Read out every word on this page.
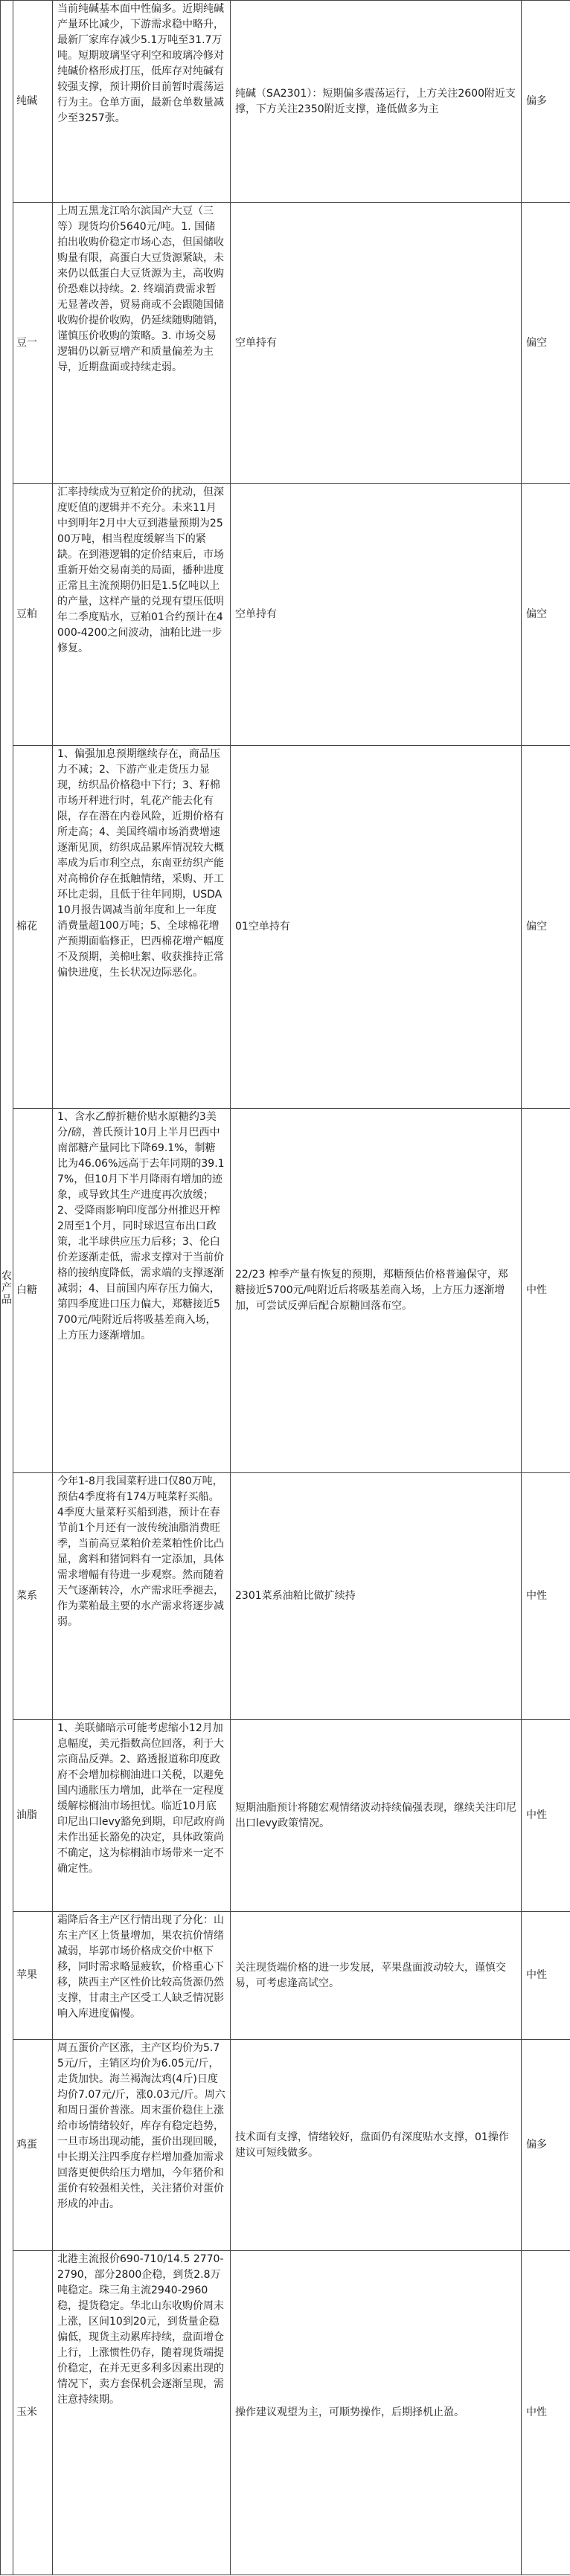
农产品	纯碱	当前纯碱基本面中性偏多。近期纯碱产量环比减少，下游需求稳中略升，最新厂家库存减少5.1万吨至31.7万吨。短期玻璃坚守利空和玻璃冷修对纯碱价格形成打压，低库存对纯碱有较强支撑，预计期价目前暂时震荡运行为主。仓单方面，最新仓单数量减少至3257张。	纯碱（SA2301）：短期偏多震荡运行，上方关注2600附近支撑，下方关注2350附近支撑，逢低做多为主	偏多
	豆一	上周五黑龙江哈尔滨国产大豆（三等）现货均价5640元/吨。1. 国储拍出收购价稳定市场心态，但国储收购量有限，高蛋白大豆货源紧缺，未来仍以低蛋白大豆货源为主，高收购价恐难以持续。2. 终端消费需求暂无显著改善，贸易商或不会跟随国储收购价提价收购，仍延续随购随销，谨慎压价收购的策略。3. 市场交易逻辑仍以新豆增产和质量偏差为主导，近期盘面或持续走弱。	空单持有	偏空
	豆粕	汇率持续成为豆粕定价的扰动，但深度贬值的逻辑并不充分。未来11月中到明年2月中大豆到港量预期为2500万吨，相当程度缓解当下的紧缺。在到港逻辑的定价结束后，市场重新开始交易南美的局面，播种进度正常且主流预期仍旧是1.5亿吨以上的产量，这样产量的兑现有望压低明年二季度贴水，豆粕01合约预计在4000-4200之间波动，油粕比进一步修复。	空单持有	偏空
	棉花	1、偏强加息预期继续存在，商品压力不减；2、下游产业走货压力显现，纺织品价格稳中下行；3、籽棉市场开秤进行时，轧花产能去化有限，存在潜在内卷风险，近期价格有所走高；4、美国终端市场消费增速逐渐见顶，纺织成品累库情况较大概率成为后市利空点，东南亚纺织产能对高棉价存在抵触情绪，采购、开工环比走弱，且低于往年同期，USDA10月报告调减当前年度和上一年度消费量超100万吨；5、全球棉花增产预期面临修正，巴西棉花增产幅度不及预期，美棉吐絮、收获推持正常偏快进度，生长状况边际恶化。	01空单持有	偏空
	白糖	1、含水乙醇折糖价贴水原糖约3美分/磅，普氏预计10月上半月巴西中南部糖产量同比下降69.1%，制糖比为46.06%远高于去年同期的39.17%，但10月下半月降雨有增加的迹象，或导致其生产进度再次放缓；2、受降雨影响印度部分州推迟开榨2周至1个月，同时球迟宣布出口政策，北半球供应压力后移；3、伦白价差逐渐走低，需求支撑对于当前价格的接纳度降低，需求端的支撑逐渐减弱；4、目前国内库存压力偏大，第四季度进口压力偏大，郑糖接近5700元/吨附近后将吸基差商入场，上方压力逐渐增加。	22/23 榨季产量有恢复的预期，郑糖预估价格普遍保守，郑糖接近5700元/吨附近后将吸基差商入场，上方压力逐渐增加，可尝试反弹后配合原糖回落布空。	中性
	菜系	今年1-8月我国菜籽进口仅80万吨，预估4季度将有174万吨菜籽买船。4季度大量菜籽买船到港，预计在春节前1个月还有一波传统油脂消费旺季，当前高豆菜粕价差菜粕性价比凸显，禽料和猪饲料有一定添加，具体需求增幅有待进一步观察。然而随着天气逐渐转冷，水产需求旺季褪去，作为菜粕最主要的水产需求将逐步减弱。	2301菜系油粕比做扩续持	中性
	油脂	1、美联储暗示可能考虑缩小12月加息幅度，美元指数高位回落，利于大宗商品反弹。2、路透报道称印度政府不会增加棕榈油进口关税，以避免国内通胀压力增加，此举在一定程度缓解棕榈油市场担忧。临近10月底印尼出口levy豁免到期，印尼政府尚未作出延长豁免的决定，具体政策尚不确定，这为棕榈油市场带来一定不确定性。	短期油脂预计将随宏观情绪波动持续偏强表现，继续关注印尼出口levy政策情况。	中性
	苹果	霜降后各主产区行情出现了分化：山东主产区上货量增加，果农抗价情绪减弱，毕郭市场价格成交价中枢下移，同时需求略显疲软，价格重心下移，陕西主产区性价比较高货源仍然支撑，甘肃主产区受工人缺乏情况影响入库进度偏慢。	关注现货端价格的进一步发展，苹果盘面波动较大，谨慎交易，可考虑逢高试空。	中性
	鸡蛋	周五蛋价产区涨，主产区均价为5.75元/斤，主销区均价为6.05元/斤，走货加快。海兰褐淘汰鸡(4斤)日度均价7.07元/斤，涨0.03元/斤。周六和周日蛋价普涨。周末蛋价稳住上涨给市场情绪较好，库存有稳定趋势，一旦市场出现动能，蛋价出现回暖，中长期关注四季度存栏增加叠加需求回落更便供给压力增加，今年猪价和蛋价有较强相关性，关注猪价对蛋价形成的冲击。	技术面有支撑，情绪较好，盘面仍有深度贴水支撑，01操作建议可短线做多。	偏多
	玉米	北港主流报价690-710/14.5 2770-2790，部分2800企稳，到货2.8万吨稳定。珠三角主流2940-2960稳，提货稳定。华北山东收购价周末上涨，区间10到20元，到货量企稳偏低，现货主动累库持续，盘面增仓上行，上涨惯性仍存，随着现货端提价稳定，在并无更多利多因素出现的情况下，卖方套保机会逐渐呈现，需注意持续期。	操作建议观望为主，可顺势操作，后期择机止盈。	中性
